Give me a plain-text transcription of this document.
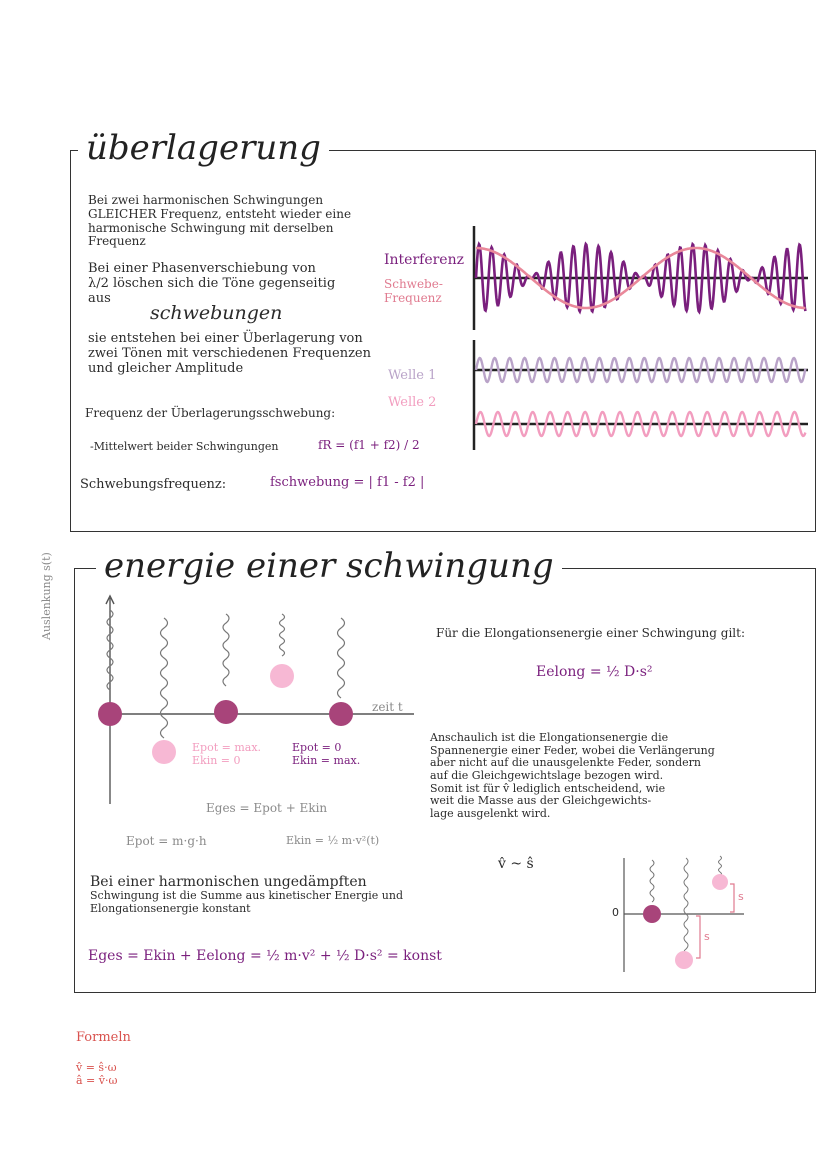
überlagerung
Bei zwei harmonischen Schwingungen
GLEICHER Frequenz, entsteht wieder eine
harmonische Schwingung mit derselben
Frequenz
Bei einer Phasenverschiebung von
λ/2 löschen sich die Töne gegenseitig
aus
schwebungen
sie entstehen bei einer Überlagerung von
zwei Tönen mit verschiedenen Frequenzen
und gleicher Amplitude
Frequenz der Überlagerungsschwebung:
-Mittelwert beider Schwingungen	fR = (f1 + f2) / 2
Schwebungsfrequenz:	fschwebung = | f1 - f2 |
Interferenz
Schwebe-
Frequenz
Welle 1
Welle 2
energie einer schwingung
Auslenkung s(t)
zeit t
Epot = max.
Ekin = 0
Epot = 0
Ekin = max.
Eges = Epot + Ekin
Epot = m·g·h	Ekin = ½ m·v²(t)
Bei einer harmonischen ungedämpften
Schwingung ist die Summe aus kinetischer Energie und
Elongationsenergie konstant
Eges = Ekin + Eelong = ½ m·v² + ½ D·s² = konst
Für die Elongationsenergie einer Schwingung gilt:
Eelong = ½ D·s²
Anschaulich ist die Elongationsenergie die
Spannenergie einer Feder, wobei die Verlängerung
aber nicht auf die unausgelenkte Feder, sondern
auf die Gleichgewichtslage bezogen wird.
Somit ist für v̂ lediglich entscheidend, wie
weit die Masse aus der Gleichgewichts-
lage ausgelenkt wird.
v̂ ~ ŝ
0
s
s
Formeln
v̂ = ŝ·ω
â = v̂·ω
